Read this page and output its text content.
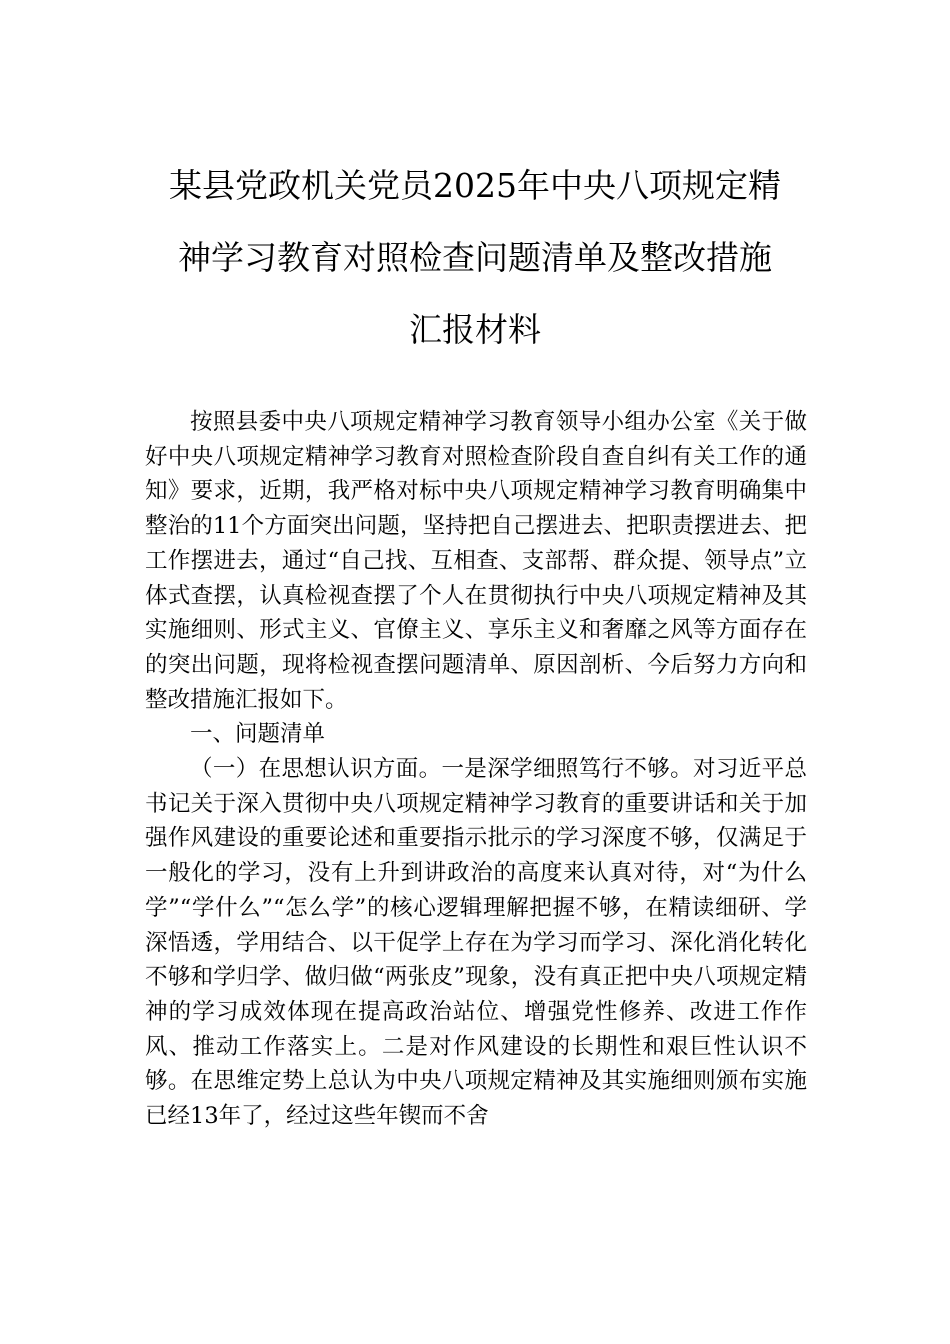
某县党政机关党员2025年中央八项规定精
神学习教育对照检查问题清单及整改措施
汇报材料

按照县委中央八项规定精神学习教育领导小组办公室《关于做好中央八项规定精神学习教育对照检查阶段自查自纠有关工作的通知》要求，近期，我严格对标中央八项规定精神学习教育明确集中整治的11个方面突出问题，坚持把自己摆进去、把职责摆进去、把工作摆进去，通过“自己找、互相查、支部帮、群众提、领导点”立体式查摆，认真检视查摆了个人在贯彻执行中央八项规定精神及其实施细则、形式主义、官僚主义、享乐主义和奢靡之风等方面存在的突出问题，现将检视查摆问题清单、原因剖析、今后努力方向和整改措施汇报如下。

一、问题清单

（一）在思想认识方面。一是深学细照笃行不够。对习近平总书记关于深入贯彻中央八项规定精神学习教育的重要讲话和关于加强作风建设的重要论述和重要指示批示的学习深度不够，仅满足于一般化的学习，没有上升到讲政治的高度来认真对待，对“为什么学”“学什么”“怎么学”的核心逻辑理解把握不够，在精读细研、学深悟透，学用结合、以干促学上存在为学习而学习、深化消化转化不够和学归学、做归做“两张皮”现象，没有真正把中央八项规定精神的学习成效体现在提高政治站位、增强党性修养、改进工作作风、推动工作落实上。二是对作风建设的长期性和艰巨性认识不够。在思维定势上总认为中央八项规定精神及其实施细则颁布实施已经13年了，经过这些年锲而不舍
